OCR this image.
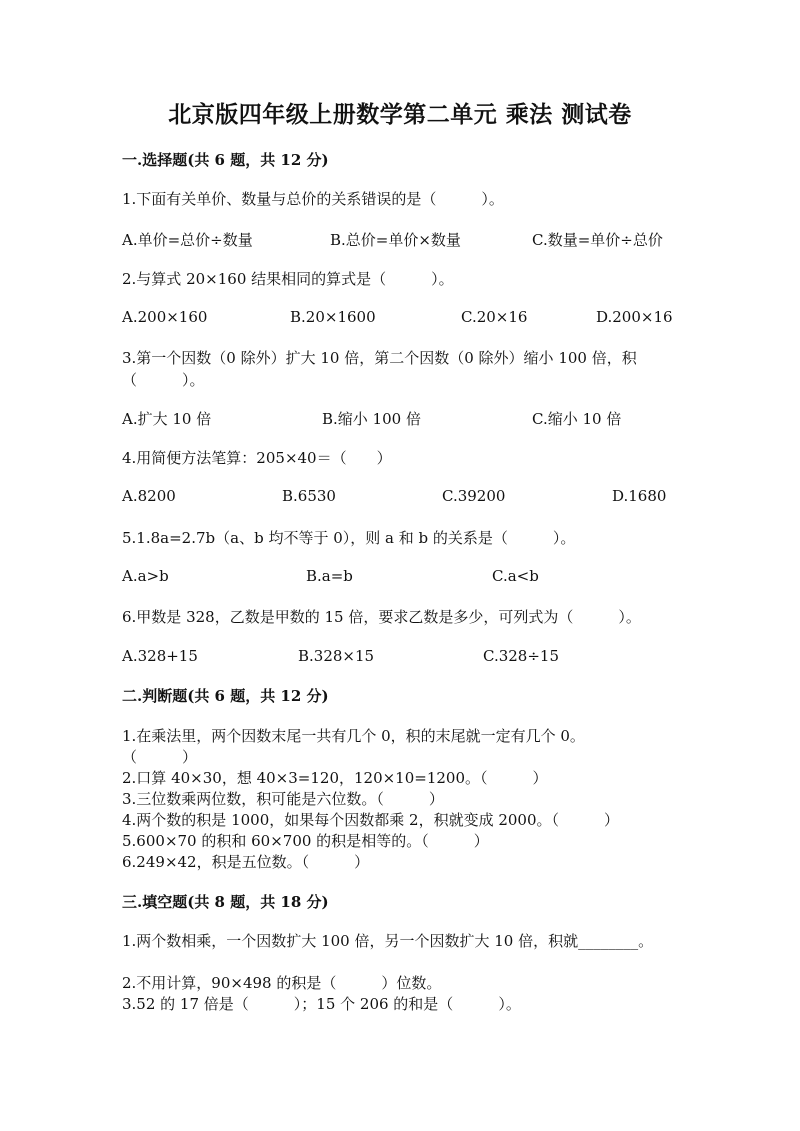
北京版四年级上册数学第二单元 乘法 测试卷
一.选择题(共 6 题，共 12 分)
1.下面有关单价、数量与总价的关系错误的是（　　　）。
A.单价=总价÷数量	B.总价=单价×数量	C.数量=单价÷总价
2.与算式 20×160 结果相同的算式是（　　　）。
A.200×160	B.20×1600	C.20×16	D.200×16
3.第一个因数（0 除外）扩大 10 倍，第二个因数（0 除外）缩小 100 倍，积
（　　　）。
A.扩大 10 倍	B.缩小 100 倍	C.缩小 10 倍
4.用简便方法笔算：205×40＝（　　）
A.8200	B.6530	C.39200	D.1680
5.1.8a=2.7b（a、b 均不等于 0），则 a 和 b 的关系是（　　　）。
A.a>b	B.a=b	C.a<b
6.甲数是 328，乙数是甲数的 15 倍，要求乙数是多少，可列式为（　　　）。
A.328+15	B.328×15	C.328÷15
二.判断题(共 6 题，共 12 分)
1.在乘法里，两个因数末尾一共有几个 0，积的末尾就一定有几个 0。
（　　　）
2.口算 40×30，想 40×3=120，120×10=1200。（　　　）
3.三位数乘两位数，积可能是六位数。（　　　）
4.两个数的积是 1000，如果每个因数都乘 2，积就变成 2000。（　　　）
5.600×70 的积和 60×700 的积是相等的。（　　　）
6.249×42，积是五位数。（　　　）
三.填空题(共 8 题，共 18 分)
1.两个数相乘，一个因数扩大 100 倍，另一个因数扩大 10 倍，积就________。
2.不用计算，90×498 的积是（　　　）位数。
3.52 的 17 倍是（　　　）；15 个 206 的和是（　　　）。
